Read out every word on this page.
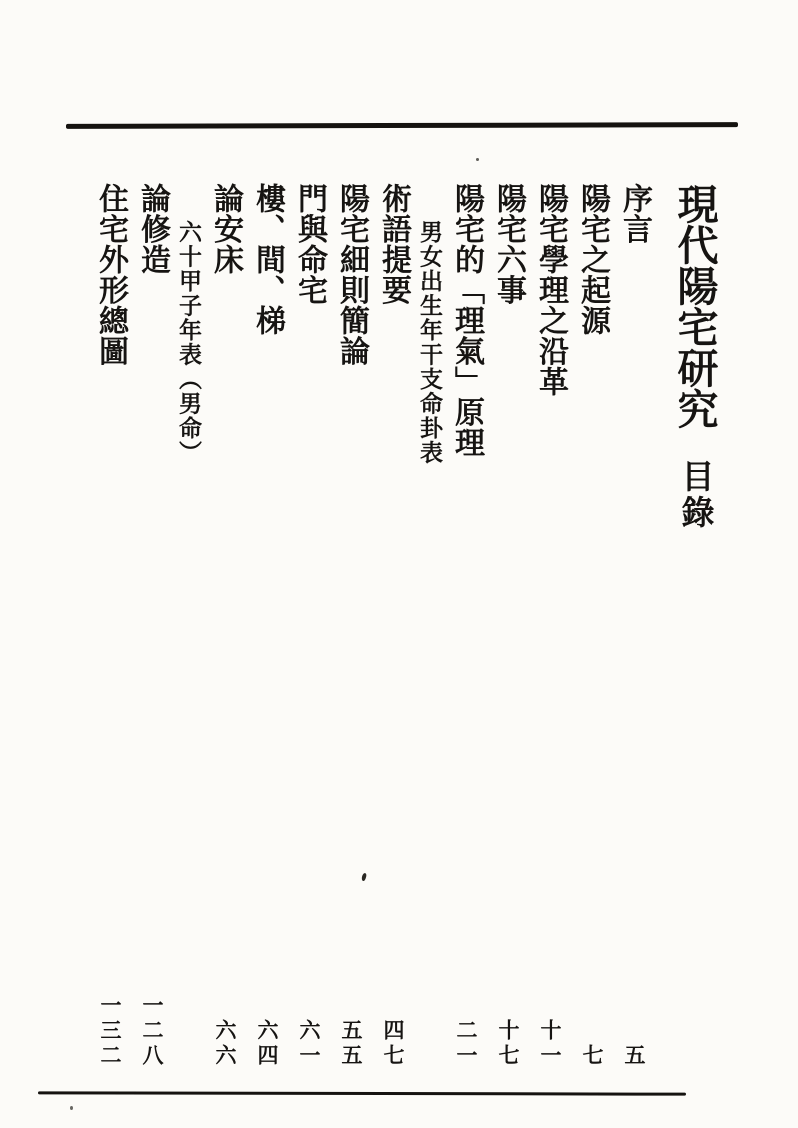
現代陽宅研究
目錄
序言
五
陽宅之起源
七
陽宅學理之沿革
十一
陽宅六事
十七
陽宅的「理氣」原理
二一
男女出生年干支命卦表
術語提要
四七
陽宅細則簡論
五五
門與命宅
六一
樓、間、梯
六四
論安床
六六
六十甲子年表（男命）
論修造
一二八
住宅外形總圖
一三二
